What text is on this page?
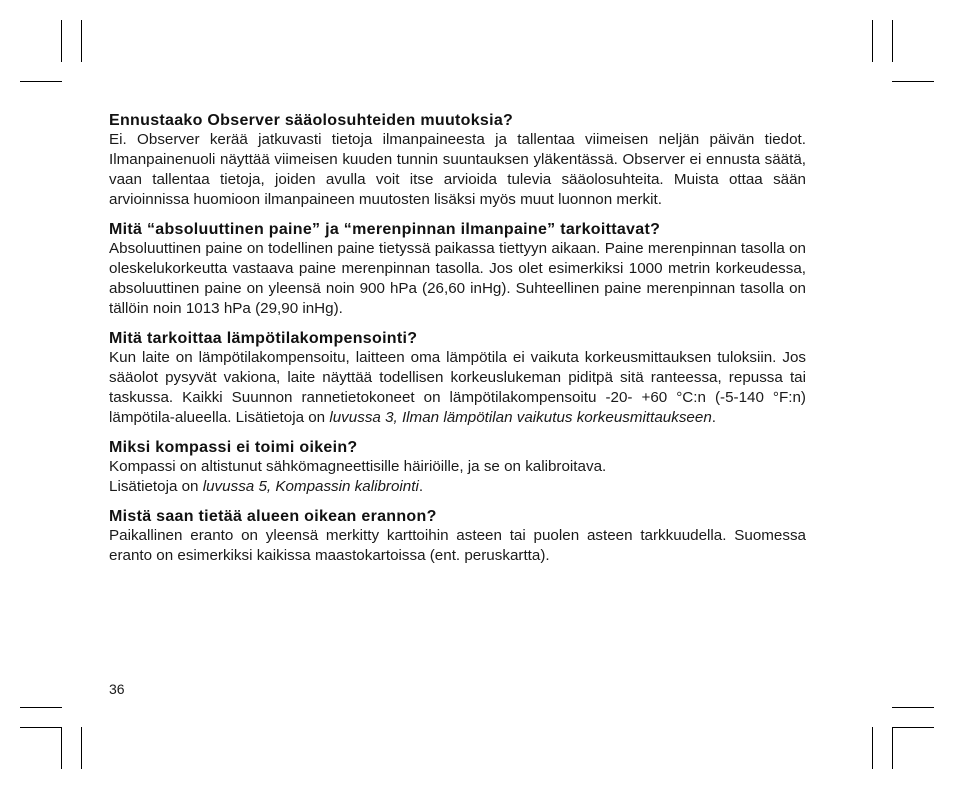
Ennustaako Observer sääolosuhteiden muutoksia?

Ei. Observer kerää jatkuvasti tietoja ilmanpaineesta ja tallentaa viimeisen neljän päivän tiedot. Ilmanpainenuoli näyttää viimeisen kuuden tunnin suuntauksen yläkentässä. Observer ei ennusta säätä, vaan tallentaa tietoja, joiden avulla voit itse arvioida tulevia sääolosuhteita. Muista ottaa sään arvioinnissa huomioon ilmanpaineen muutosten lisäksi myös muut luonnon merkit.

Mitä “absoluuttinen paine” ja “merenpinnan ilmanpaine” tarkoittavat?

Absoluuttinen paine on todellinen paine tietyssä paikassa tiettyyn aikaan. Paine merenpinnan tasolla on oleskelukorkeutta vastaava paine merenpinnan tasolla. Jos olet esimerkiksi 1000 metrin korkeudessa, absoluuttinen paine on yleensä noin 900 hPa (26,60 inHg). Suhteellinen paine merenpinnan tasolla on tällöin noin 1013 hPa (29,90 inHg).

Mitä tarkoittaa lämpötilakompensointi?

Kun laite on lämpötilakompensoitu, laitteen oma lämpötila ei vaikuta korkeusmittauksen tuloksiin. Jos sääolot pysyvät vakiona, laite näyttää todellisen korkeuslukeman piditpä sitä ranteessa, repussa tai taskussa. Kaikki Suunnon rannetietokoneet on lämpötilakompensoitu -20- +60 °C:n (-5-140 °F:n) lämpötila-alueella. Lisätietoja on luvussa 3, Ilman lämpötilan vaikutus korkeusmittaukseen.

Miksi kompassi ei toimi oikein?

Kompassi on altistunut sähkömagneettisille häiriöille, ja se on kalibroitava.
Lisätietoja on luvussa 5, Kompassin kalibrointi.

Mistä saan tietää alueen oikean erannon?

Paikallinen eranto on yleensä merkitty karttoihin asteen tai puolen asteen tarkkuudella. Suomessa eranto on esimerkiksi kaikissa maastokartoissa (ent. peruskartta).

36
